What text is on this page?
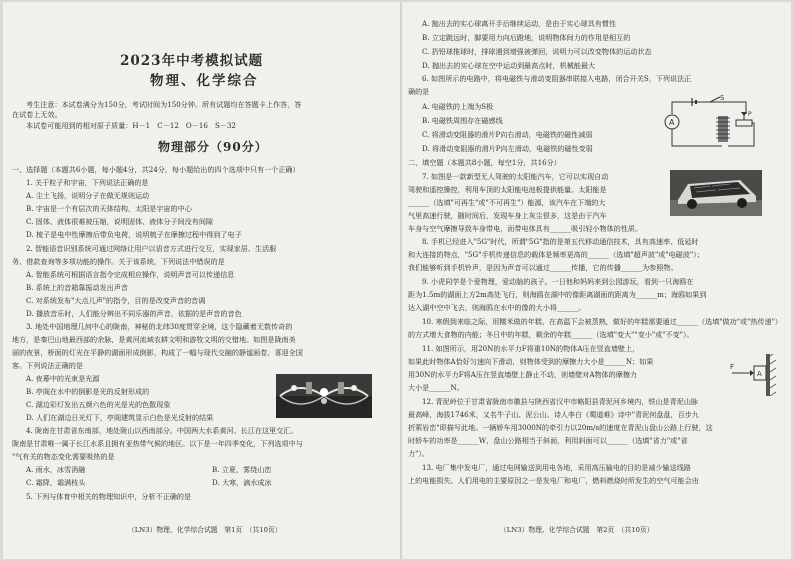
2023年中考模拟试题
物理、化学综合
考生注意：本试卷满分为150分，考试时间为150分钟。所有试题均在答题卡上作答，答
在试卷上无效。
本试卷可能用到的相对原子质量：H－1　C－12　O－16　S－32
物理部分（90分）
一、选择题（本题共6小题，每小题4分，共24分，每小题给出的四个选项中只有一个正确）
1. 关于粒子和宇宙，下列说法正确的是
A. 尘土飞扬，说明分子在做无规则运动
B. 宇宙是一个有层次的天体结构，太阳是宇宙的中心
C. 固体、液体很难被压缩，说明固体、液体分子间没有间隙
D. 梳子是电中性摩擦后带负电荷，说明梳子在摩擦过程中得到了电子
2. 智能语音识别系统可通过网络让用户以语音方式进行交互，实现家居、生活服
务、借款查询等多项功能的操作。关于该系统，下列说法中错误的是
A. 智能系统可根据语言指令完成相应操作，说明声音可以传递信息
B. 系统上的音箱靠振动发出声音
C. 对系统发布"大点儿声"的指令，目的是改变声音的音调
D. 播放音乐时，人们能分辨出不同乐器的声音，依据的是声音的音色
3. 地处中国地理几何中心的陇南，神秘的北纬30度贯穿全境，这个隐藏着无数传奇的
地方，是秦巴山地最西部的余脉，是黄河流域农耕文明和游牧文明的交错地。如图是陇南美
丽的夜景，桥面的灯光在平静的湖面形成倒影，构成了一幅与现代交融的静谧画卷，喜迎全国
客。下列说法正确的是
A. 夜幕中的光束是光源
B. 亭阁在水中的倒影是光的反射形成的
C. 湖边彩灯发出五颜六色的光是光的色散现象
D. 人们在湖边日光灯下，亭阁建筑显示白色是光反射的结果
4. 陇南在甘肃省东南部，地处陇山以西南部分。中国两大水系黄河、长江在这里交汇。
陇南是甘肃唯一属于长江水系且拥有亚热带气候的地区。以下是一年四季变化，下列选项中与
"气有关的物态变化需要吸热的是
A. 雨水，冰雪消融	B. 立夏，雾绕山峦
C. 霜降，霜满枝头	D. 大寒，滴水成冰
5. 下列与体育中相关的物理知识中，分析不正确的是
（LN3）物理、化学综合试题　第1页　（共10页）
A. 抛出去的实心球离开手后继续运动，是由于实心球具有惯性
B. 立定跳远时，脚要用力向后蹬地，说明物体间力的作用是相互的
C. 扔铅球推球时，排球遇到增强被弹回，说明力可以改变物体的运动状态
D. 抛出去的实心球在空中运动到最高点时，机械能最大
6. 如图所示的电路中，将电磁铁与滑动变阻器串联接入电路，闭合开关S，下列说法正
确的是
A. 电磁铁的上端为S极
B. 电磁铁周围存在磁感线
C. 将滑动变阻器的滑片P向右滑动，电磁铁的磁性减弱
D. 将滑动变阻器的滑片P向左滑动，电磁铁的磁性变弱
二、填空题（本题共8小题，每空1分，共16分）
7. 如图是一款新型无人驾驶的太阳能汽车，它可以实现自动
驾驶和遥控操控，利用车顶的太阳能电池板提供能量。太阳能是
______（选填"可再生"或"不可再生"）能源，该汽车在下端的大
气里高速行驶，随时间后，发现车身上灰尘很多，这是由于汽车
车身与空气摩擦导致车身带电，而带电体具有______吸引轻小物体的性质。
8. 手机已经进入"5G"时代，所谓"5G"指的是第五代移动通信技术，具有高速率、低延时
和大连接的特点，"5G"手机传递信息的载体是频率更高的______（选填"超声波"或"电磁波"）；
我们能够听到手机铃声，是因为声音可以通过______传播，它的传播______为参照物。
9. 小虎同学是个爱物理，爱动脑的孩子。一日他和妈妈来到公园游玩，看到一只海鸥在
距为1.5m的湖面上方2m高处飞行，则海鸥在湖中的像距离湖面的距离为______m；海鸥如果到
达入湖中空中飞去，则海鸥在水中的像的大小将______。
10. 寒假到来临之际，用糯米做的年糕，在高温下会被蒸熟，做好的年糕需要通过______（选填"做功"或"热传递"）
的方式增大食物的内能；冬日中的年糕，剩余的年糕______（选填"变大""变小"或"不变"）。
11. 如图所示，用20N的水平力F将重10N的物体A压在竖直墙壁上，
如果此时物体A恰好匀速向下滑动，则物体受到的摩擦力大小是______N；如果
用30N的水平力F将A压在竖直墙壁上静止不动，则墙壁对A物体的摩擦力
大小是______N。
12. 青泥岭位于甘肃省陇南市徽县与陕西省汉中市略阳县青泥河乡境内，铁山是青泥山脉
最高峰，海拔1746米，又名牛子山、泥公山。诗人李白《蜀道难》诗中"青泥何盘盘，百步九
折萦岩峦"即描写此地。一辆轿车用3000N的牵引力以20m/s的速度在青泥山盘山公路上行驶，这
时轿车的功率是______W，盘山公路相当于斜面，利用斜面可以______（选填"省力"或"省
力"）。
13. 电厂集中发电厂，通过电网输送到用电各地，采用高压输电的目的是减少输送线路
上的电能损失。人们用电的主要原因之一是发电厂和电厂，燃料燃烧时所发生的空气可能会由
A
S
P
A
F
（LN3）物理、化学综合试题　第2页　（共10页）
